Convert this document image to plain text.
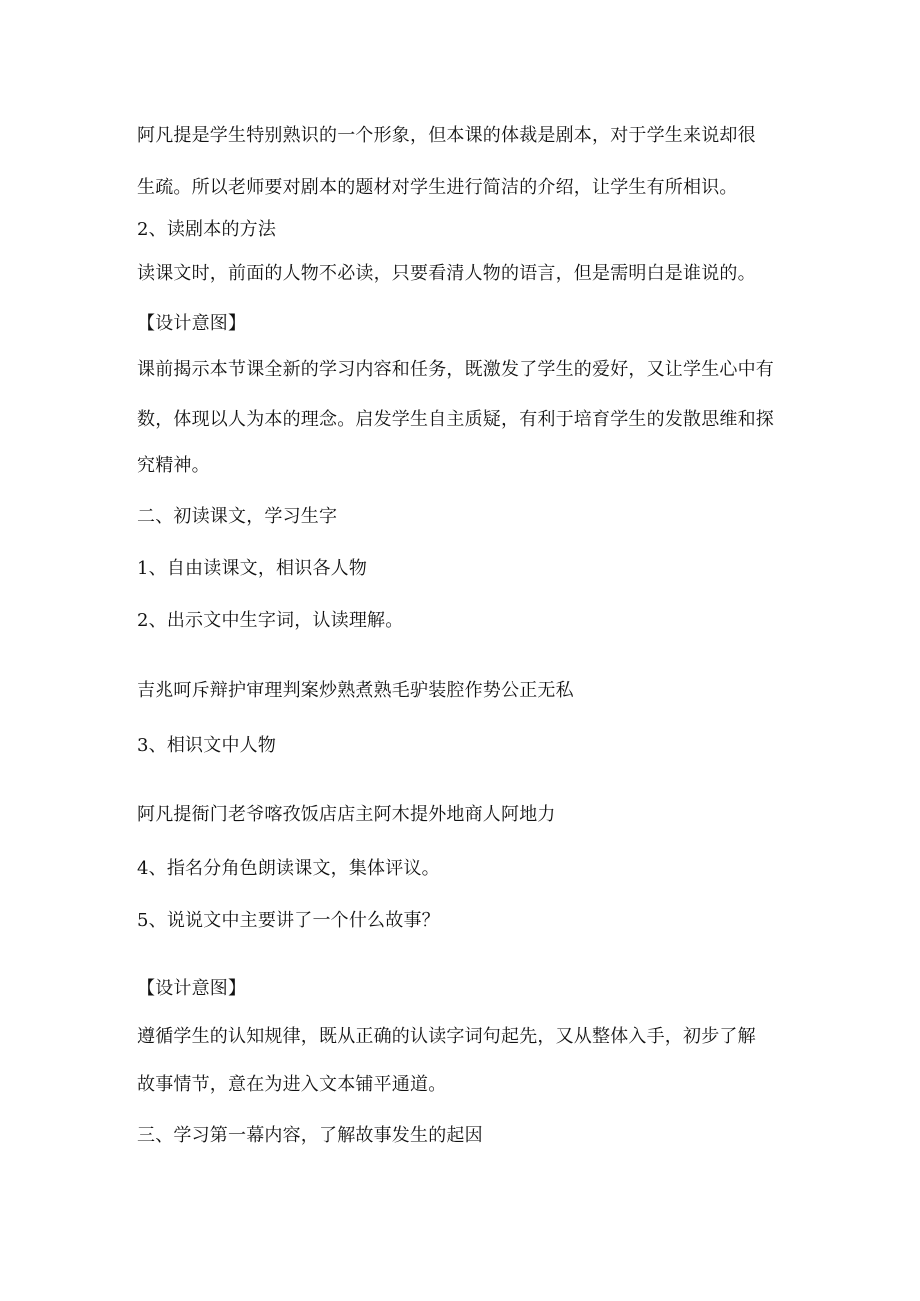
阿凡提是学生特别熟识的一个形象，但本课的体裁是剧本，对于学生来说却很
生疏。所以老师要对剧本的题材对学生进行简洁的介绍，让学生有所相识。
2、读剧本的方法
读课文时，前面的人物不必读，只要看清人物的语言，但是需明白是谁说的。
【设计意图】
课前揭示本节课全新的学习内容和任务，既激发了学生的爱好，又让学生心中有
数，体现以人为本的理念。启发学生自主质疑，有利于培育学生的发散思维和探
究精神。
二、初读课文，学习生字
1、自由读课文，相识各人物
2、出示文中生字词，认读理解。
吉兆呵斥辩护审理判案炒熟煮熟毛驴装腔作势公正无私
3、相识文中人物
阿凡提衙门老爷喀孜饭店店主阿木提外地商人阿地力
4、指名分角色朗读课文，集体评议。
5、说说文中主要讲了一个什么故事？
【设计意图】
遵循学生的认知规律，既从正确的认读字词句起先，又从整体入手，初步了解
故事情节，意在为进入文本铺平通道。
三、学习第一幕内容，了解故事发生的起因
